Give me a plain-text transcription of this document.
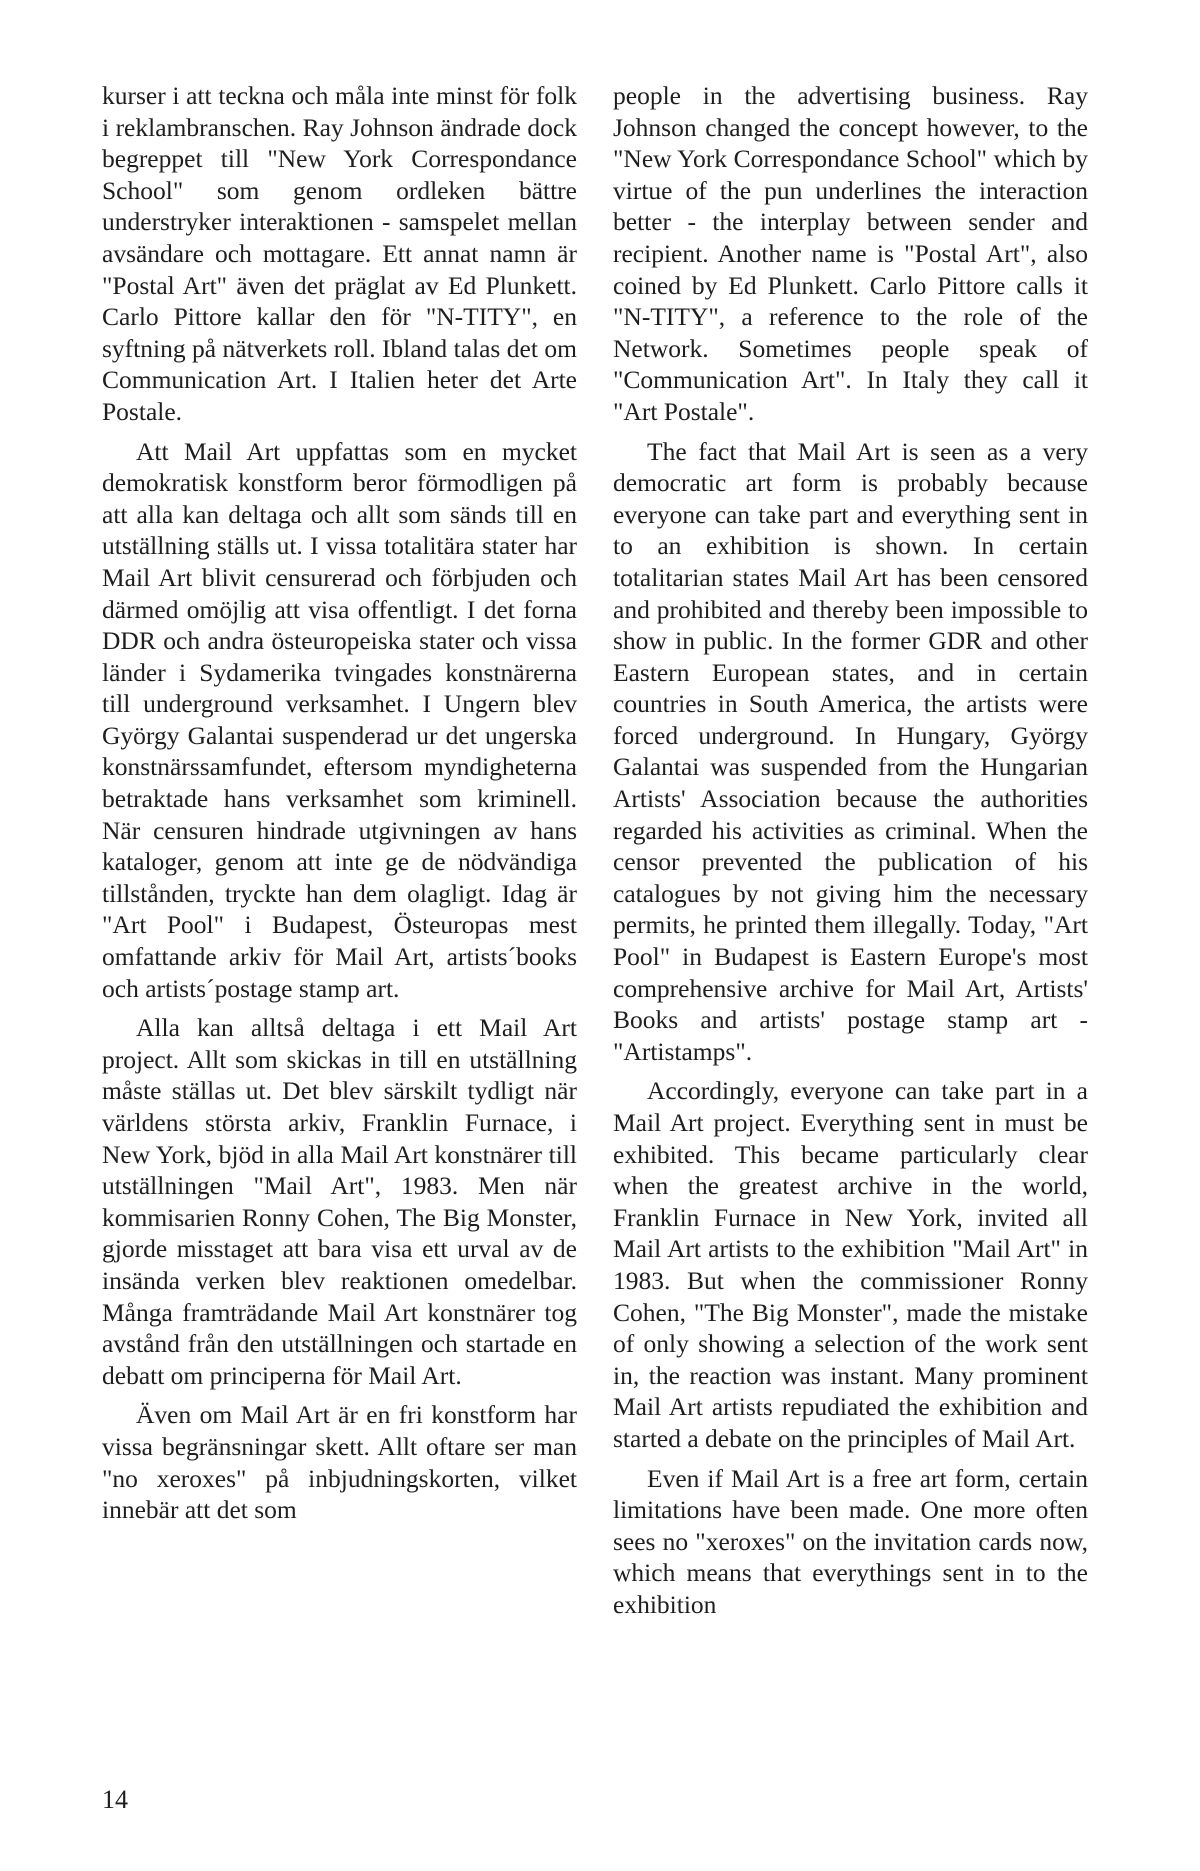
kurser i att teckna och måla inte minst för folk i reklambranschen. Ray Johnson ändrade dock begreppet till "New York Correspondance School" som genom ordleken bättre understryker interaktionen - samspelet mellan avsändare och mottagare. Ett annat namn är "Postal Art" även det präglat av Ed Plunkett. Carlo Pittore kallar den för "N-TITY", en syftning på nätverkets roll. Ibland talas det om Communication Art. I Italien heter det Arte Postale.

Att Mail Art uppfattas som en mycket demokratisk konstform beror förmodligen på att alla kan deltaga och allt som sänds till en utställning ställs ut. I vissa totalitära stater har Mail Art blivit censurerad och förbjuden och därmed omöjlig att visa offentligt. I det forna DDR och andra östeuropeiska stater och vissa länder i Sydamerika tvingades konstnärerna till underground verksamhet. I Ungern blev György Galantai suspenderad ur det ungerska konstnärssamfundet, eftersom myndigheterna betraktade hans verksamhet som kriminell. När censuren hindrade utgivningen av hans kataloger, genom att inte ge de nödvändiga tillstånden, tryckte han dem olagligt. Idag är "Art Pool" i Budapest, Östeuropas mest omfattande arkiv för Mail Art, artists´books och artists´postage stamp art.

Alla kan alltså deltaga i ett Mail Art project. Allt som skickas in till en utställning måste ställas ut. Det blev särskilt tydligt när världens största arkiv, Franklin Furnace, i New York, bjöd in alla Mail Art konstnärer till utställningen "Mail Art", 1983. Men när kommisarien Ronny Cohen, The Big Monster, gjorde misstaget att bara visa ett urval av de insända verken blev reaktionen omedelbar. Många framträdande Mail Art konstnärer tog avstånd från den utställningen och startade en debatt om principerna för Mail Art.

Även om Mail Art är en fri konstform har vissa begränsningar skett. Allt oftare ser man "no xeroxes" på inbjudningskorten, vilket innebär att det som

people in the advertising business. Ray Johnson changed the concept however, to the "New York Correspondance School" which by virtue of the pun underlines the interaction better - the interplay between sender and recipient. Another name is "Postal Art", also coined by Ed Plunkett. Carlo Pittore calls it "N-TITY", a reference to the role of the Network. Sometimes people speak of "Communication Art". In Italy they call it "Art Postale".

The fact that Mail Art is seen as a very democratic art form is probably because everyone can take part and everything sent in to an exhibition is shown. In certain totalitarian states Mail Art has been censored and prohibited and thereby been impossible to show in public. In the former GDR and other Eastern European states, and in certain countries in South America, the artists were forced underground. In Hungary, György Galantai was suspended from the Hungarian Artists' Association because the authorities regarded his activities as criminal. When the censor prevented the publication of his catalogues by not giving him the necessary permits, he printed them illegally. Today, "Art Pool" in Budapest is Eastern Europe's most comprehensive archive for Mail Art, Artists' Books and artists' postage stamp art - "Artistamps".

Accordingly, everyone can take part in a Mail Art project. Everything sent in must be exhibited. This became particularly clear when the greatest archive in the world, Franklin Furnace in New York, invited all Mail Art artists to the exhibition "Mail Art" in 1983. But when the commissioner Ronny Cohen, "The Big Monster", made the mistake of only showing a selection of the work sent in, the reaction was instant. Many prominent Mail Art artists repudiated the exhibition and started a debate on the principles of Mail Art.

Even if Mail Art is a free art form, certain limitations have been made. One more often sees no "xeroxes" on the invitation cards now, which means that everythings sent in to the exhibition

14
